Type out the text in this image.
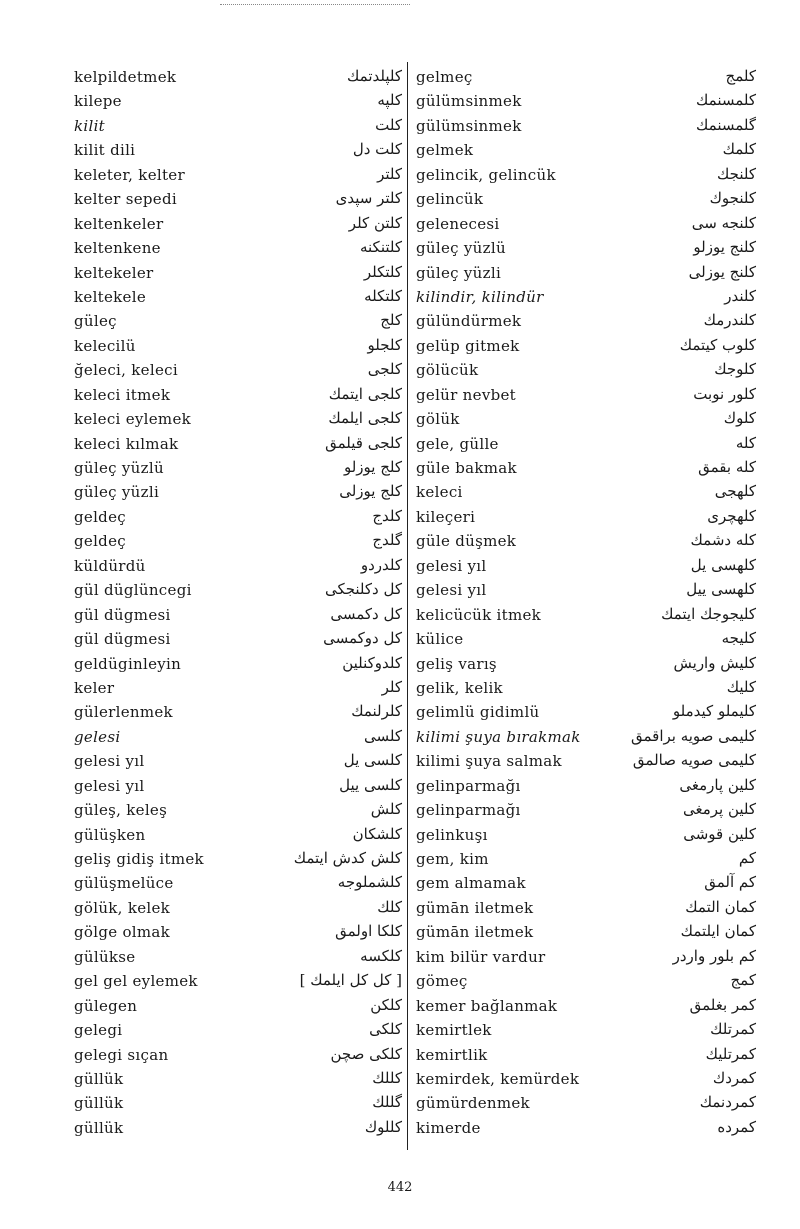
kelpildetmek	کلپلدتمك
kilepe	کلپه
kilit	کلت
kilit dili	کلت دل
keleter, kelter	کلتر
kelter sepedi	کلتر سپدی
keltenkeler	کلتن کلر
keltenkene	کلتنکنه
keltekeler	کلتکلر
keltekele	کلتکله
güleç	کلج
kelecilü	کلجلو
ğeleci, keleci	کلجی
keleci itmek	کلجی ایتمك
keleci eylemek	کلجی ایلمك
keleci kılmak	کلجی قیلمق
güleç yüzlü	کلج یوزلو
güleç yüzli	کلج یوزلی
geldeç	کلدج
geldeç	گلدج
küldürdü	کلدردو
gül düglüncegi	کل دکلنجکی
gül dügmesi	کل دکمسی
gül dügmesi	کل دوکمسی
geldüginleyin	کلدوکنلین
keler	کلر
gülerlenmek	کلرلنمك
gelesi	کلسی
gelesi yıl	کلسی یل
gelesi yıl	کلسی ییل
güleş, keleş	کلش
gülüşken	کلشکان
geliş gidiş itmek	کلش کدش ایتمك
gülüşmelüce	کلشملوجه
gölük, kelek	کلك
gölge olmak	کلکا اولمق
gülükse	کلکسه
gel gel eylemek	[ کل کل ایلمك ]
gülegen	کلکن
gelegi	کلکی
gelegi sıçan	کلکی صچن
güllük	کللك
güllük	گللك
güllük	کللوك
gelmeç	کلمج
gülümsinmek	کلمسنمك
gülümsinmek	گلمسنمك
gelmek	کلمك
gelincik, gelincük	کلنجك
gelincük	کلنجوك
gelenecesi	کلنجه سی
güleç yüzlü	کلنج یوزلو
güleç yüzli	کلنج یوزلی
kilindir, kilindür	کلندر
gülündürmek	کلندرمك
gelüp gitmek	کلوب کیتمك
gölücük	کلوجك
gelür nevbet	کلور نوبت
gölük	کلوك
gele, gülle	کله
güle bakmak	کله بقمق
keleci	کلهجی
kileçeri	کلهچری
güle düşmek	کله دشمك
gelesi yıl	کلهسی یل
gelesi yıl	کلهسی ییل
kelicücük itmek	کلیجوجك ایتمك
külice	کلیجه
geliş varış	کلیش واریش
gelik, kelik	کلیك
gelimlü gidimlü	کلیملو کیدملو
kilimi şuya bırakmak	کلیمی صویه براقمق
kilimi şuya salmak	کلیمی صویه صالمق
gelinparmağı	کلین پارمغی
gelinparmağı	کلین پرمغی
gelinkuşı	کلین قوشی
gem, kim	کم
gem almamak	کم آلمق
gümān iletmek	کمان التمك
gümān iletmek	کمان ایلتمك
kim bilür vardur	کم بلور واردر
gömeç	کمج
kemer bağlanmak	کمر بغلمق
kemirtlek	کمرتلك
kemirtlik	کمرتلیك
kemirdek, kemürdek	کمردك
gümürdenmek	کمردنمك
kimerde	کمرده
442
